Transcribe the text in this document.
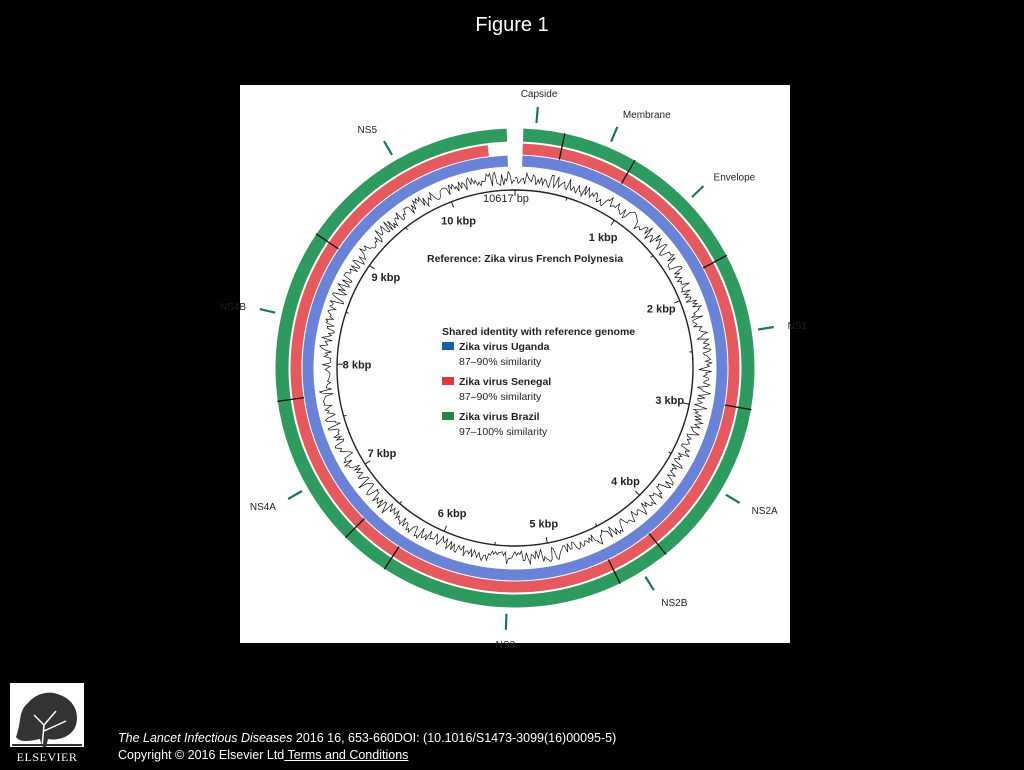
Figure 1
1 kbp
2 kbp
3 kbp
4 kbp
5 kbp
6 kbp
7 kbp
8 kbp
9 kbp
10 kbp
Capside
Membrane
Envelope
NS1
NS2A
NS2B
NS3
NS4A
NS4B
NS5
10617 bp
Reference: Zika virus French Polynesia
Shared identity with reference genome
Zika virus Uganda
87–90% similarity
Zika virus Senegal
87–90% similarity
Zika virus Brazil
97–100% similarity
ELSEVIER
The Lancet Infectious Diseases 2016 16, 653-660DOI: (10.1016/S1473-3099(16)00095-5)
Copyright © 2016 Elsevier Ltd Terms and Conditions
